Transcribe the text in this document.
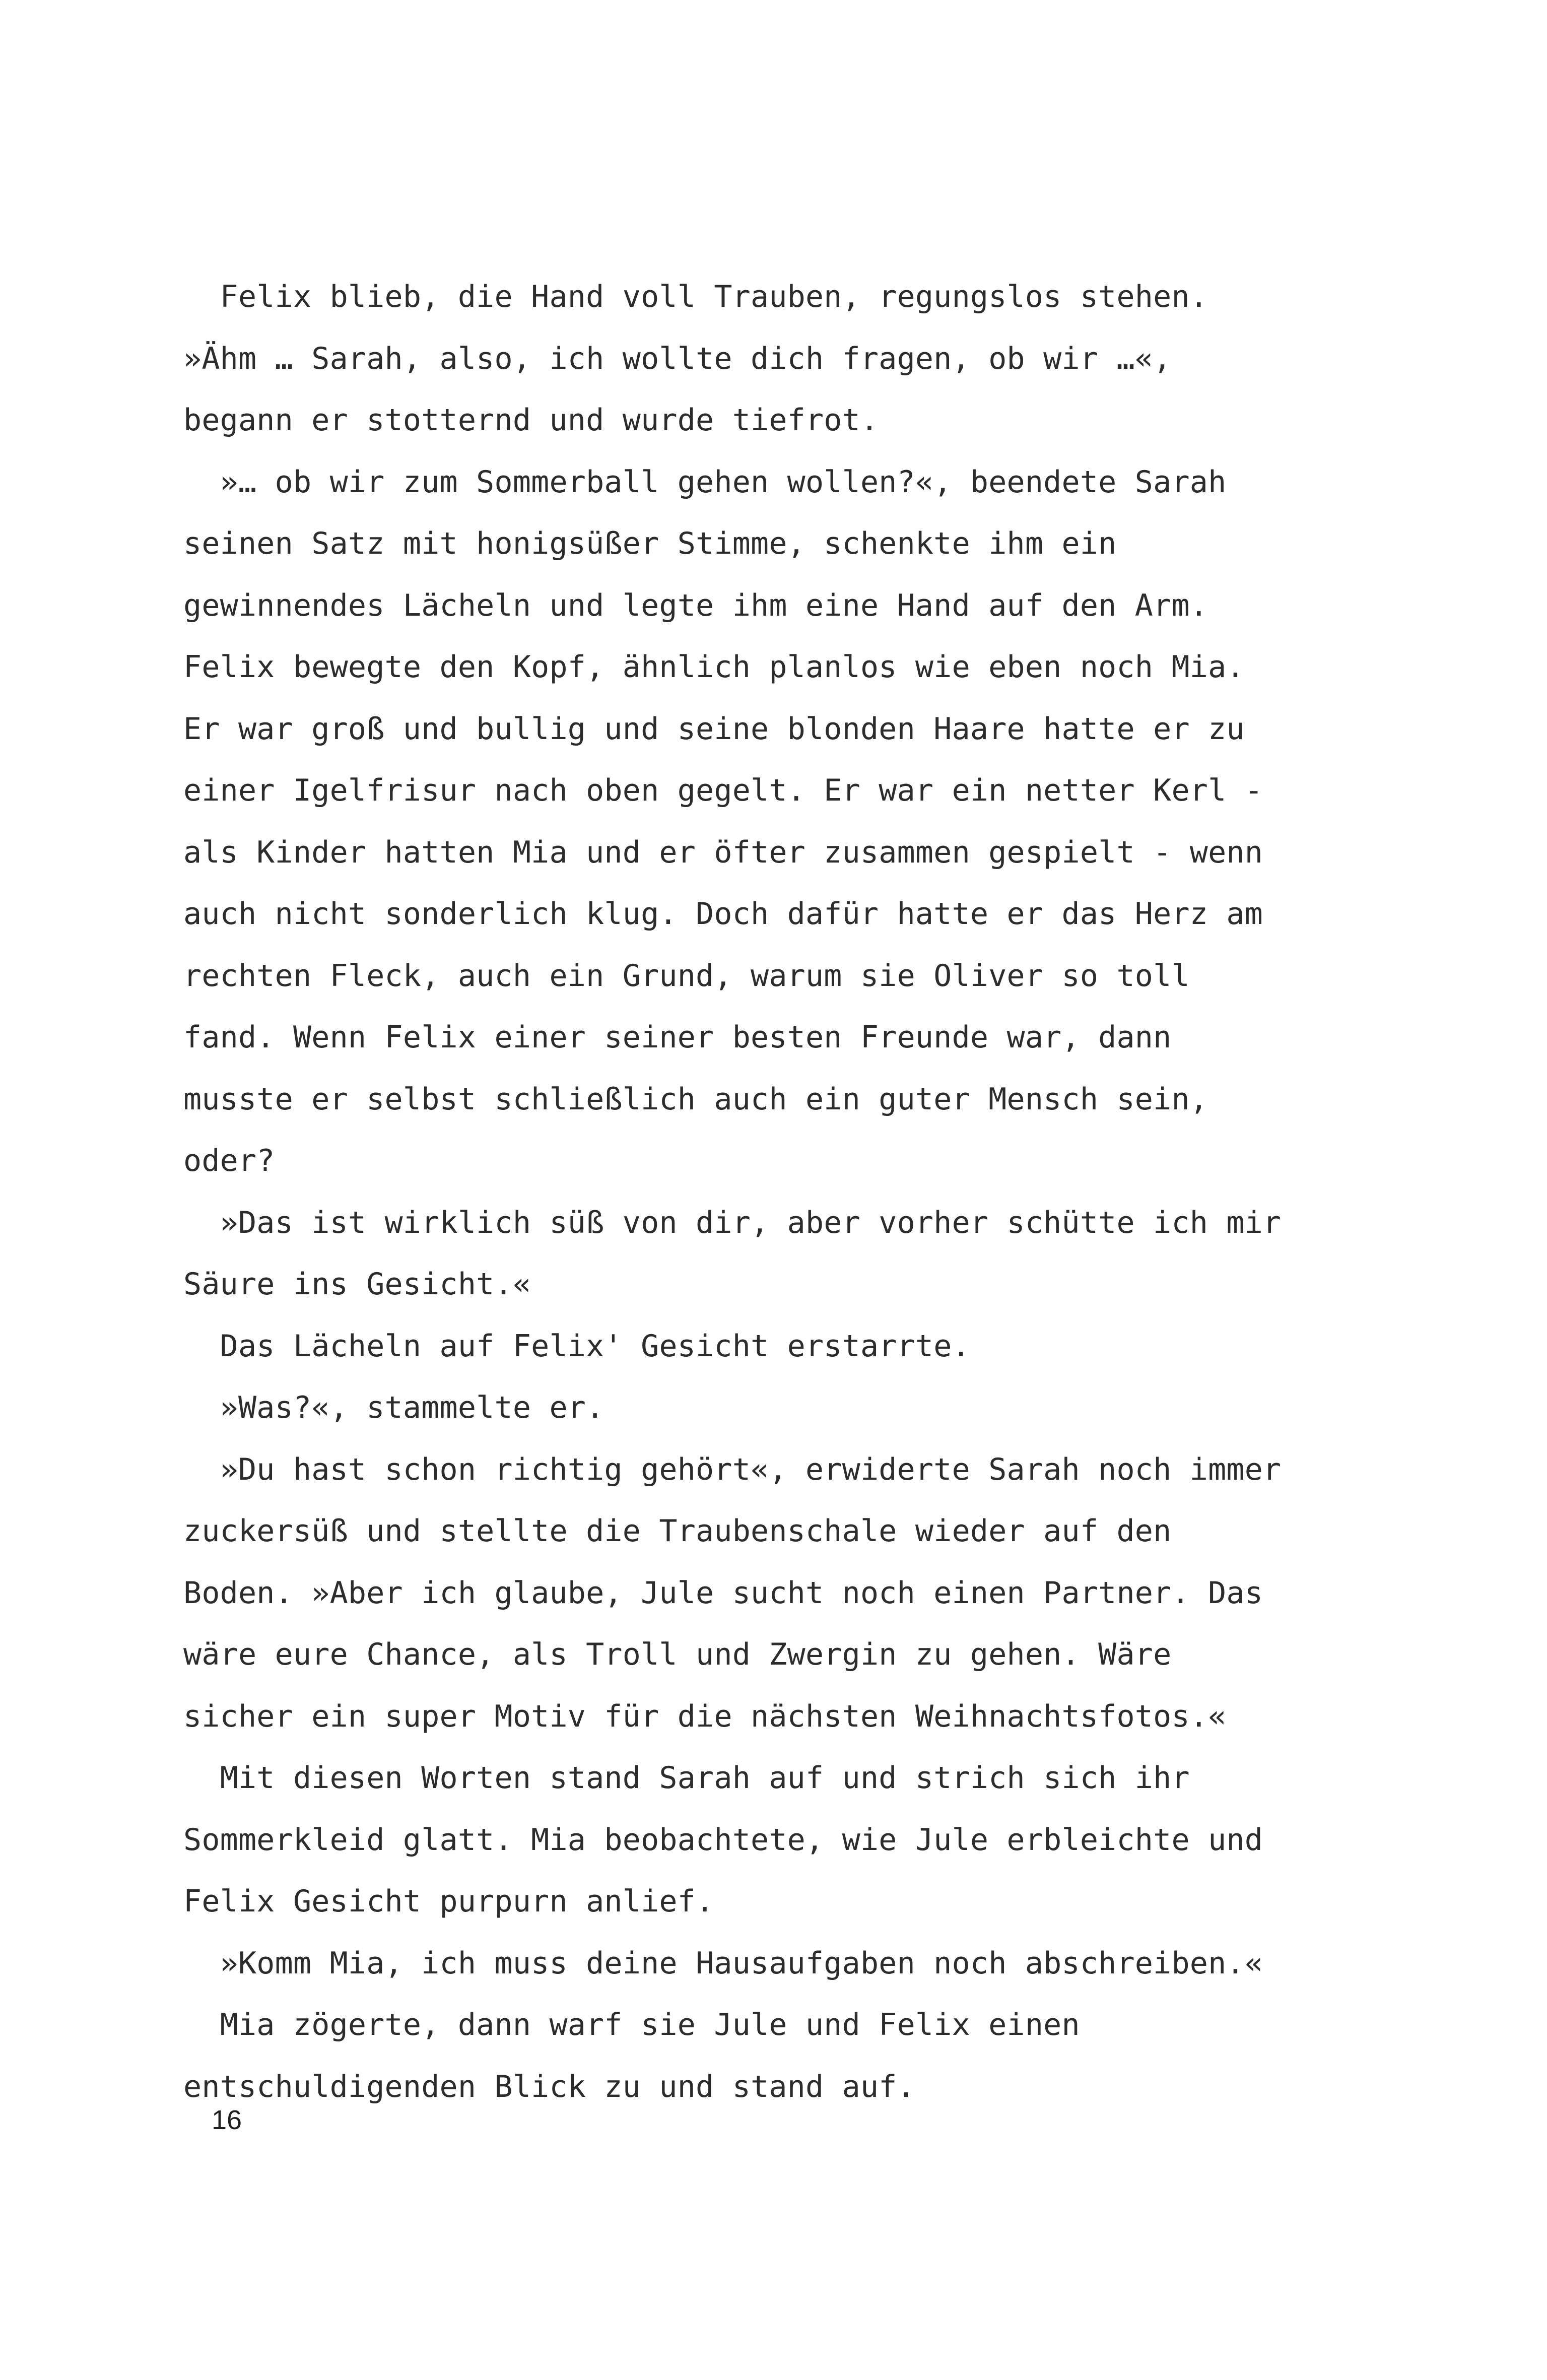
Felix blieb, die Hand voll Trauben, regungslos stehen.
»Ähm … Sarah, also, ich wollte dich fragen, ob wir …«,
begann er stotternd und wurde tiefrot.
»… ob wir zum Sommerball gehen wollen?«, beendete Sarah
seinen Satz mit honigsüßer Stimme, schenkte ihm ein
gewinnendes Lächeln und legte ihm eine Hand auf den Arm.
Felix bewegte den Kopf, ähnlich planlos wie eben noch Mia.
Er war groß und bullig und seine blonden Haare hatte er zu
einer Igelfrisur nach oben gegelt. Er war ein netter Kerl -
als Kinder hatten Mia und er öfter zusammen gespielt - wenn
auch nicht sonderlich klug. Doch dafür hatte er das Herz am
rechten Fleck, auch ein Grund, warum sie Oliver so toll
fand. Wenn Felix einer seiner besten Freunde war, dann
musste er selbst schließlich auch ein guter Mensch sein,
oder?
»Das ist wirklich süß von dir, aber vorher schütte ich mir
Säure ins Gesicht.«
Das Lächeln auf Felix' Gesicht erstarrte.
»Was?«, stammelte er.
»Du hast schon richtig gehört«, erwiderte Sarah noch immer
zuckersüß und stellte die Traubenschale wieder auf den
Boden. »Aber ich glaube, Jule sucht noch einen Partner. Das
wäre eure Chance, als Troll und Zwergin zu gehen. Wäre
sicher ein super Motiv für die nächsten Weihnachtsfotos.«
Mit diesen Worten stand Sarah auf und strich sich ihr
Sommerkleid glatt. Mia beobachtete, wie Jule erbleichte und
Felix Gesicht purpurn anlief.
»Komm Mia, ich muss deine Hausaufgaben noch abschreiben.«
Mia zögerte, dann warf sie Jule und Felix einen
entschuldigenden Blick zu und stand auf.
16
